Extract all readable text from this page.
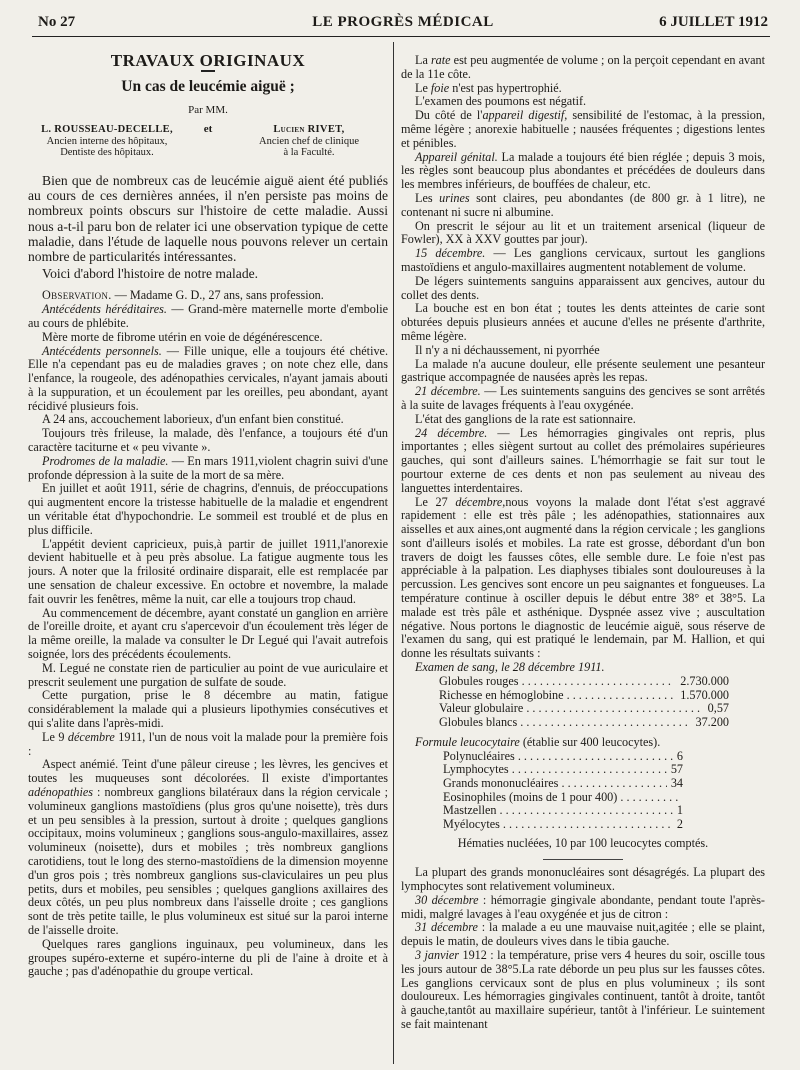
No 27	LE PROGRÈS MÉDICAL	6 JUILLET 1912
TRAVAUX ORIGINAUX
Un cas de leucémie aiguë ;
Par MM.
L. ROUSSEAU-DECELLE,
Ancien interne des hôpitaux,
Dentiste des hôpitaux.
et	Lucien RIVET,
Ancien chef de clinique
à la Faculté.

Bien que de nombreux cas de leucémie aiguë aient été publiés au cours de ces dernières années, il n'en persiste pas moins de nombreux points obscurs sur l'histoire de cette maladie. Aussi nous a-t-il paru bon de relater ici une observation typique de cette maladie, dans l'étude de laquelle nous pouvons relever un certain nombre de particularités intéressantes.

Voici d'abord l'histoire de notre malade.

Observation. — Madame G. D., 27 ans, sans profession.

Antécédents héréditaires. — Grand-mère maternelle morte d'embolie au cours de phlébite.

Mère morte de fibrome utérin en voie de dégénérescence.

Antécédents personnels. — Fille unique, elle a toujours été chétive. Elle n'a cependant pas eu de maladies graves ; on note chez elle, dans l'enfance, la rougeole, des adénopathies cervicales, n'ayant jamais abouti à la suppuration, et un écoulement par les oreilles, peu abondant, ayant récidivé plusieurs fois.

A 24 ans, accouchement laborieux, d'un enfant bien constitué.

Toujours très frileuse, la malade, dès l'enfance, a toujours été d'un caractère taciturne et « peu vivante ».

Prodromes de la maladie. — En mars 1911,violent chagrin suivi d'une profonde dépression à la suite de la mort de sa mère.

En juillet et août 1911, série de chagrins, d'ennuis, de préoccupations qui augmentent encore la tristesse habituelle de la maladie et engendrent un véritable état d'hypochondrie. Le sommeil est troublé et de plus en plus difficile.

L'appétit devient capricieux, puis,à partir de juillet 1911,l'anorexie devient habituelle et à peu près absolue. La fatigue augmente tous les jours. A noter que la frilosité ordinaire disparait, elle est remplacée par une sensation de chaleur excessive. En octobre et novembre, la malade fait ouvrir les fenêtres, même la nuit, car elle a toujours trop chaud.

Au commencement de décembre, ayant constaté un ganglion en arrière de l'oreille droite, et ayant cru s'apercevoir d'un écoulement très léger de la même oreille, la malade va consulter le Dr Legué qui l'avait autrefois soignée, lors des précédents écoulements.

M. Legué ne constate rien de particulier au point de vue auriculaire et prescrit seulement une purgation de sulfate de soude.

Cette purgation, prise le 8 décembre au matin, fatigue considérablement la malade qui a plusieurs lipothymies consécutives et qui s'alite dans l'après-midi.

Le 9 décembre 1911, l'un de nous voit la malade pour la première fois :

Aspect anémié. Teint d'une pâleur cireuse ; les lèvres, les gencives et toutes les muqueuses sont décolorées. Il existe d'importantes adénopathies : nombreux ganglions bilatéraux dans la région cervicale ; volumineux ganglions mastoïdiens (plus gros qu'une noisette), très durs et un peu sensibles à la pression, surtout à droite ; quelques ganglions occipitaux, moins volumineux ; ganglions sous-angulo-maxillaires, assez volumineux (noisette), durs et mobiles ; très nombreux ganglions carotidiens, tout le long des sterno-mastoïdiens de la dimension moyenne d'un gros pois ; très nombreux ganglions sus-claviculaires un peu plus petits, durs et mobiles, peu sensibles ; quelques ganglions axillaires des deux côtés, un peu plus nombreux dans l'aisselle droite ; ces ganglions sont de très petite taille, le plus volumineux est situé sur la paroi interne de l'aisselle droite.

Quelques rares ganglions inguinaux, peu volumineux, dans les groupes supéro-externe et supéro-interne du pli de l'aine à droite et à gauche ; pas d'adénopathie du groupe vertical.

La rate est peu augmentée de volume ; on la perçoit cependant en avant de la 11e côte.

Le foie n'est pas hypertrophié.

L'examen des poumons est négatif.

Du côté de l'appareil digestif, sensibilité de l'estomac, à la pression, même légère ; anorexie habituelle ; nausées fréquentes ; digestions lentes et pénibles.

Appareil génital. La malade a toujours été bien réglée ; depuis 3 mois, les règles sont beaucoup plus abondantes et précédées de douleurs dans les membres inférieurs, de bouffées de chaleur, etc.

Les urines sont claires, peu abondantes (de 800 gr. à 1 litre), ne contenant ni sucre ni albumine.

On prescrit le séjour au lit et un traitement arsenical (liqueur de Fowler), XX à XXV gouttes par jour).

15 décembre. — Les ganglions cervicaux, surtout les ganglions mastoïdiens et angulo-maxillaires augmentent notablement de volume.

De légers suintements sanguins apparaissent aux gencives, autour du collet des dents.

La bouche est en bon état ; toutes les dents atteintes de carie sont obturées depuis plusieurs années et aucune d'elles ne présente d'arthrite, même légère.

Il n'y a ni déchaussement, ni pyorrhée

La malade n'a aucune douleur, elle présente seulement une pesanteur gastrique accompagnée de nausées après les repas.

21 décembre. — Les suintements sanguins des gencives se sont arrêtés à la suite de lavages fréquents à l'eau oxygénée.

L'état des ganglions de la rate est sationnaire.

24 décembre. — Les hémorragies gingivales ont repris, plus importantes ; elles siègent surtout au collet des prémolaires supérieures gauches, qui sont d'ailleurs saines. L'hémorrhagie se fait sur tout le pourtour externe de ces dents et non pas seulement au niveau des languettes interdentaires.

Le 27 décembre,nous voyons la malade dont l'état s'est aggravé rapidement : elle est très pâle ; les adénopathies, stationnaires aux aisselles et aux aines,ont augmenté dans la région cervicale ; les ganglions sont d'ailleurs isolés et mobiles. La rate est grosse, débordant d'un bon travers de doigt les fausses côtes, elle semble dure. Le foie n'est pas appréciable à la palpation. Les diaphyses tibiales sont douloureuses à la percussion. Les gencives sont encore un peu saignantes et fongueuses. La température continue à osciller depuis le début entre 38° et 38°5. La malade est très pâle et asthénique. Dyspnée assez vive ; auscultation négative. Nous portons le diagnostic de leucémie aiguë, sous réserve de l'examen du sang, qui est pratiqué le lendemain, par M. Hallion, et qui donne les résultats suivants :

Examen de sang, le 28 décembre 1911.

Globules rouges . . .	2.730.000
Richesse en hémoglobine . . .	1.570.000
Valeur globulaire . . .	0,57
Globules blancs . . .	37.200

Formule leucocytaire (établie sur 400 leucocytes).

Polynucléaires . . .	6
Lymphocytes . . .	57
Grands mononucléaires . . .	34
Eosinophiles (moins de 1 pour 400) . . .
Mastzellen . . .	1
Myélocytes . . .	2
Hématies nucléées, 10 par 100 leucocytes comptés.

La plupart des grands mononucléaires sont désagrégés. La plupart des lymphocytes sont relativement volumineux.

30 décembre : hémorragie gingivale abondante, pendant toute l'après-midi, malgré lavages à l'eau oxygénée et jus de citron :

31 décembre : la malade a eu une mauvaise nuit,agitée ; elle se plaint, depuis le matin, de douleurs vives dans le tibia gauche.

3 janvier 1912 : la température, prise vers 4 heures du soir, oscille tous les jours autour de 38°5.La rate déborde un peu plus sur les fausses côtes. Les ganglions cervicaux sont de plus en plus volumineux ; ils sont douloureux. Les hémorragies gingivales continuent, tantôt à droite, tantôt à gauche,tantôt au maxillaire supérieur, tantôt à l'inférieur. Le suintement se fait maintenant
